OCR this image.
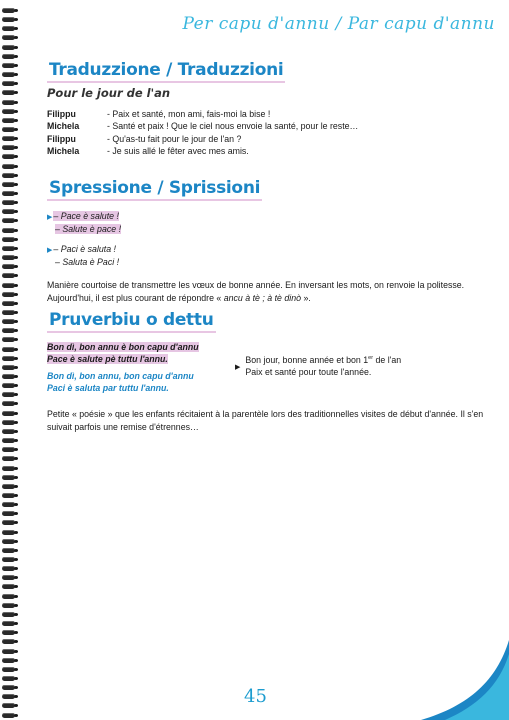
Per capu d'annu / Par capu d'annu
Traduzzione / Traduzzioni
Pour le jour de l'an
Filippu	- Paix et santé, mon ami, fais-moi la bise !
Michela	- Santé et paix ! Que le ciel nous envoie la santé, pour le reste…
Filippu	- Qu'as-tu fait pour le jour de l'an ?
Michela	- Je suis allé le fêter avec mes amis.
Spressione / Sprissioni
▶– Pace è salute !
– Salute è pace !
▶– Paci è saluta !
– Saluta è Paci !
Manière courtoise de transmettre les vœux de bonne année. En inversant les mots, on renvoie la politesse. Aujourd'hui, il est plus courant de répondre « ancu à tè ; à tè dinò ».
Pruverbiu o dettu
Bon dì, bon annu è bon capu d'annu
Pace è salute pè tuttu l'annu.
Bon dì, bon annu, bon capu d'annu
Paci è saluta par tuttu l'annu.
▶
Bon jour, bonne année et bon 1er de l'an
Paix et santé pour toute l'année.
Petite « poésie » que les enfants récitaient à la parentèle lors des traditionnelles visites de début d'année. Il s'en suivait parfois une remise d'étrennes…
45
